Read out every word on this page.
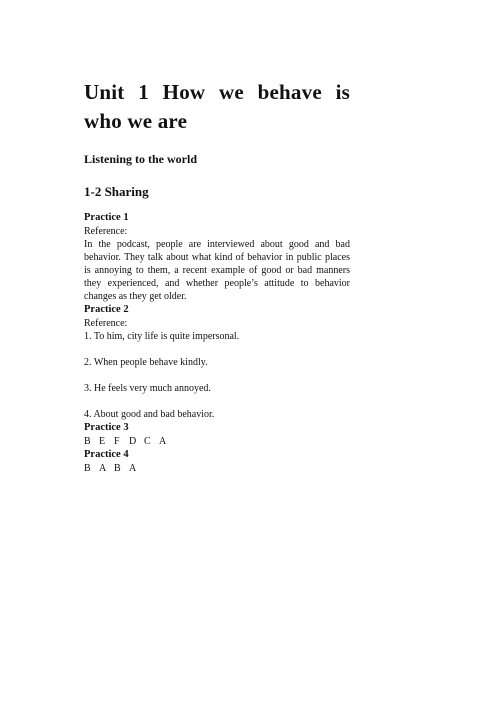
Unit 1 How we behave is who we are
Listening to the world
1-2 Sharing
Practice 1
Reference:

In the podcast, people are interviewed about good and bad behavior. They talk about what kind of behavior in public places is annoying to them, a recent example of good or bad manners they experienced, and whether people’s attitude to behavior changes as they get older.

Practice 2
Reference:

1. To him, city life is quite impersonal.

2. When people behave kindly.

3. He feels very much annoyed.

4. About good and bad behavior.

Practice 3
B E F D C A
Practice 4
B A B A
